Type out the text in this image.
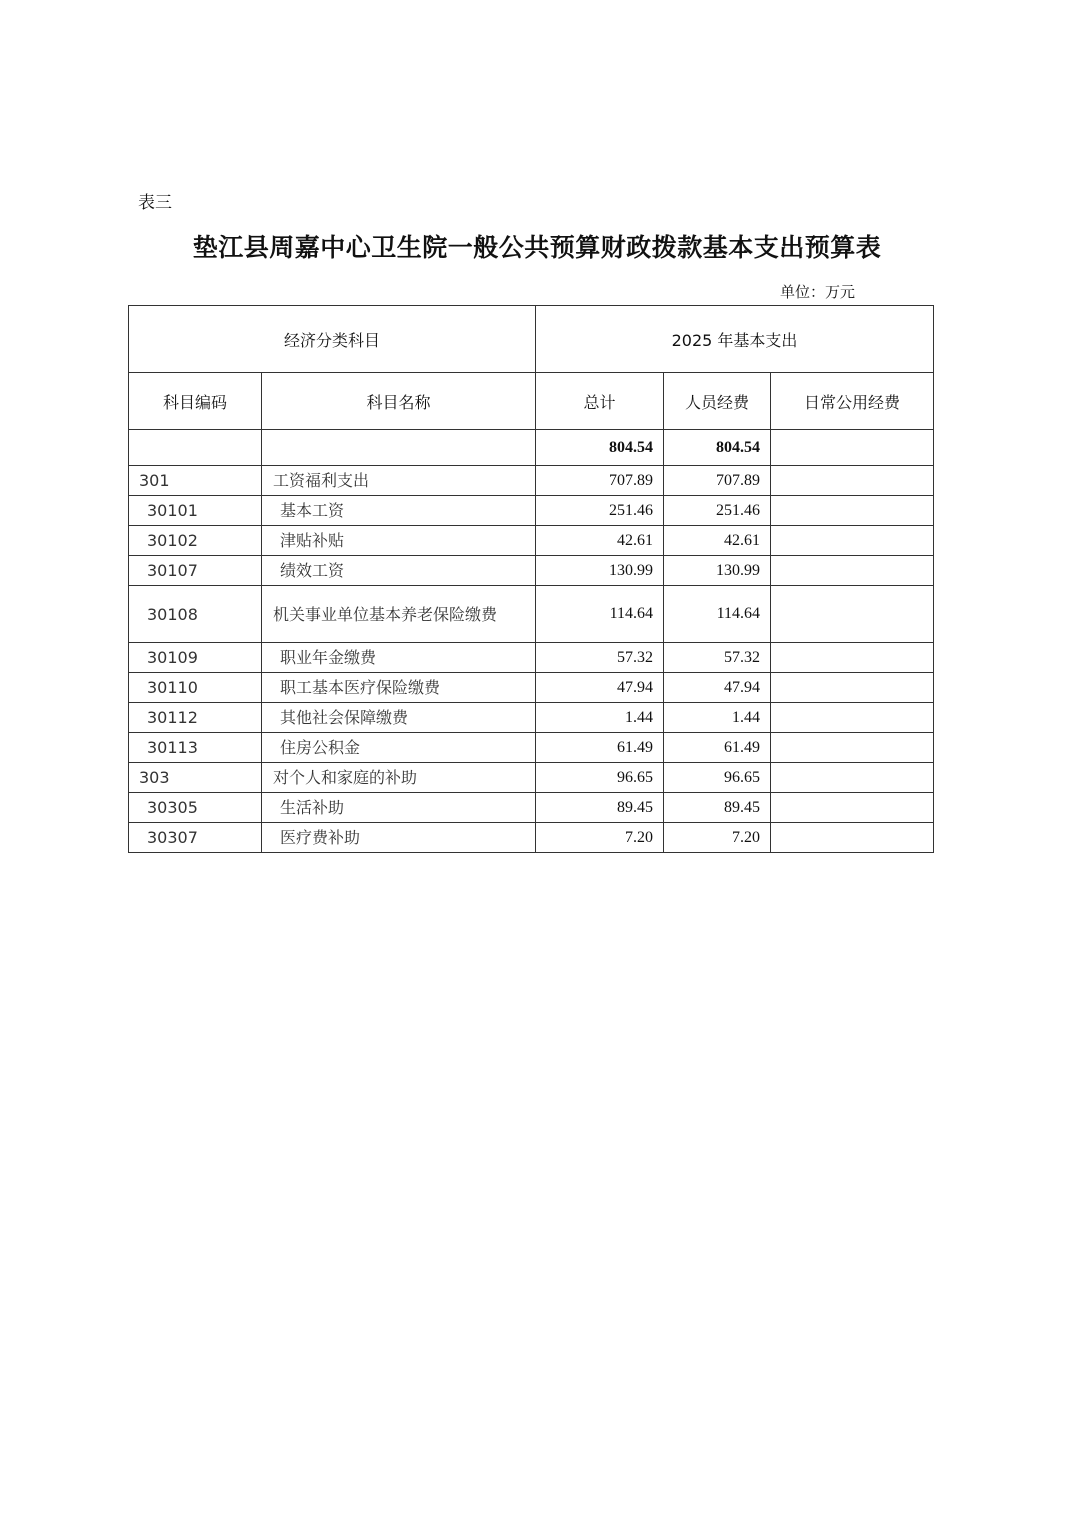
表三
垫江县周嘉中心卫生院一般公共预算财政拨款基本支出预算表
单位：万元
经济分类科目		2025 年基本支出		
科目编码	科目名称	总计	人员经费	日常公用经费
		804.54	804.54	
301	工资福利支出	707.89	707.89	
30101	基本工资	251.46	251.46	
30102	津贴补贴	42.61	42.61	
30107	绩效工资	130.99	130.99	
30108	机关事业单位基本养老保险缴费	114.64	114.64	
30109	职业年金缴费	57.32	57.32	
30110	职工基本医疗保险缴费	47.94	47.94	
30112	其他社会保障缴费	1.44	1.44	
30113	住房公积金	61.49	61.49	
303	对个人和家庭的补助	96.65	96.65	
30305	生活补助	89.45	89.45	
30307	医疗费补助	7.20	7.20	
